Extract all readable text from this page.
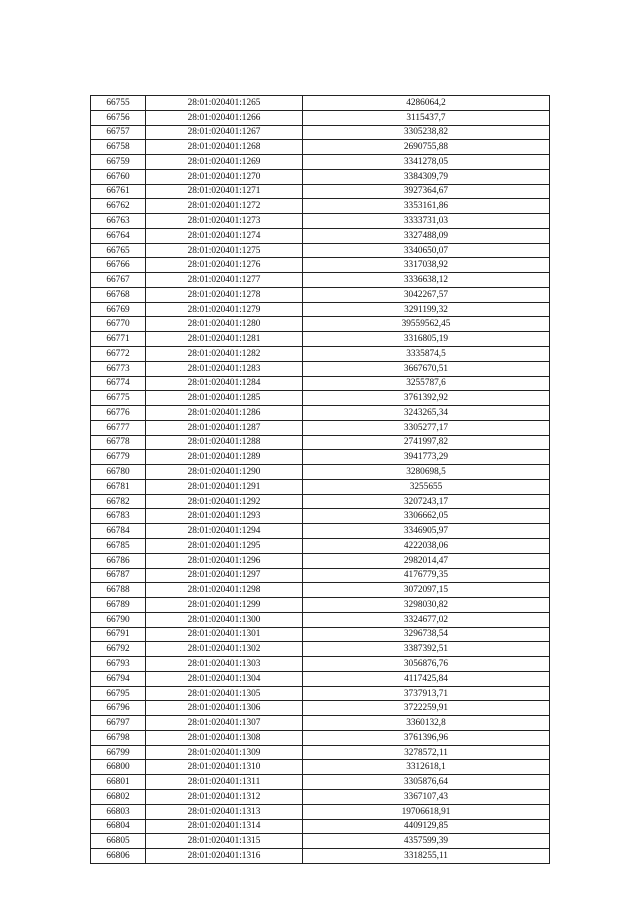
66755	28:01:020401:1265	4286064,2
66756	28:01:020401:1266	3115437,7
66757	28:01:020401:1267	3305238,82
66758	28:01:020401:1268	2690755,88
66759	28:01:020401:1269	3341278,05
66760	28:01:020401:1270	3384309,79
66761	28:01:020401:1271	3927364,67
66762	28:01:020401:1272	3353161,86
66763	28:01:020401:1273	3333731,03
66764	28:01:020401:1274	3327488,09
66765	28:01:020401:1275	3340650,07
66766	28:01:020401:1276	3317038,92
66767	28:01:020401:1277	3336638,12
66768	28:01:020401:1278	3042267,57
66769	28:01:020401:1279	3291199,32
66770	28:01:020401:1280	39559562,45
66771	28:01:020401:1281	3316805,19
66772	28:01:020401:1282	3335874,5
66773	28:01:020401:1283	3667670,51
66774	28:01:020401:1284	3255787,6
66775	28:01:020401:1285	3761392,92
66776	28:01:020401:1286	3243265,34
66777	28:01:020401:1287	3305277,17
66778	28:01:020401:1288	2741997,82
66779	28:01:020401:1289	3941773,29
66780	28:01:020401:1290	3280698,5
66781	28:01:020401:1291	3255655
66782	28:01:020401:1292	3207243,17
66783	28:01:020401:1293	3306662,05
66784	28:01:020401:1294	3346905,97
66785	28:01:020401:1295	4222038,06
66786	28:01:020401:1296	2982014,47
66787	28:01:020401:1297	4176779,35
66788	28:01:020401:1298	3072097,15
66789	28:01:020401:1299	3298030,82
66790	28:01:020401:1300	3324677,02
66791	28:01:020401:1301	3296738,54
66792	28:01:020401:1302	3387392,51
66793	28:01:020401:1303	3056876,76
66794	28:01:020401:1304	4117425,84
66795	28:01:020401:1305	3737913,71
66796	28:01:020401:1306	3722259,91
66797	28:01:020401:1307	3360132,8
66798	28:01:020401:1308	3761396,96
66799	28:01:020401:1309	3278572,11
66800	28:01:020401:1310	3312618,1
66801	28:01:020401:1311	3305876,64
66802	28:01:020401:1312	3367107,43
66803	28:01:020401:1313	19706618,91
66804	28:01:020401:1314	4409129,85
66805	28:01:020401:1315	4357599,39
66806	28:01:020401:1316	3318255,11
